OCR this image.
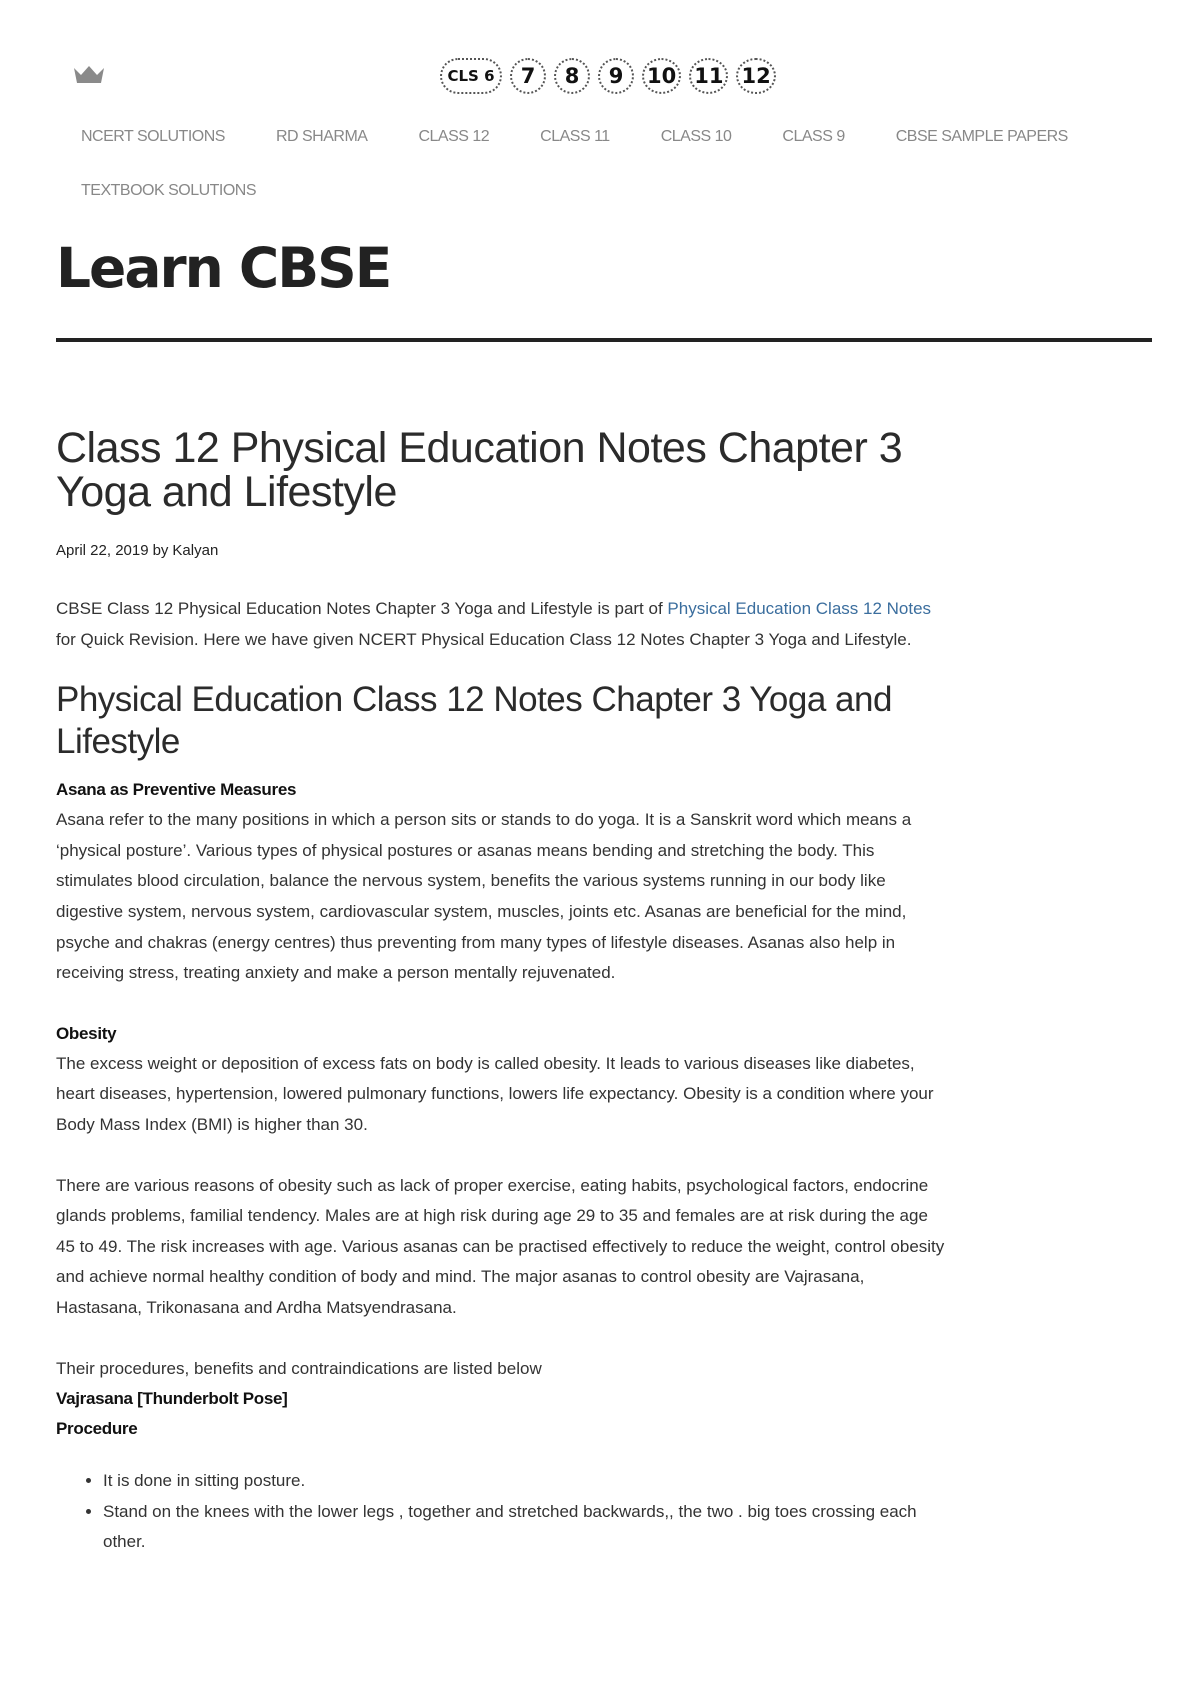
CLS 6	7	8	9	10 11 12
NCERT SOLUTIONS	RD SHARMA	CLASS 12	CLASS 11	CLASS 10	CLASS 9	CBSE SAMPLE PAPERS
TEXTBOOK SOLUTIONS
Learn CBSE
Class 12 Physical Education Notes Chapter 3 Yoga and Lifestyle
April 22, 2019 by Kalyan

CBSE Class 12 Physical Education Notes Chapter 3 Yoga and Lifestyle is part of Physical Education Class 12 Notes for Quick Revision. Here we have given NCERT Physical Education Class 12 Notes Chapter 3 Yoga and Lifestyle.

Physical Education Class 12 Notes Chapter 3 Yoga and Lifestyle
Asana as Preventive Measures

Asana refer to the many positions in which a person sits or stands to do yoga. It is a Sanskrit word which means a ‘physical posture’. Various types of physical postures or asanas means bending and stretching the body. This stimulates blood circulation, balance the nervous system, benefits the various systems running in our body like digestive system, nervous system, cardiovascular system, muscles, joints etc. Asanas are beneficial for the mind, psyche and chakras (energy centres) thus preventing from many types of lifestyle diseases. Asanas also help in receiving stress, treating anxiety and make a person mentally rejuvenated.

Obesity

The excess weight or deposition of excess fats on body is called obesity. It leads to various diseases like diabetes, heart diseases, hypertension, lowered pulmonary functions, lowers life expectancy. Obesity is a condition where your Body Mass Index (BMI) is higher than 30.

There are various reasons of obesity such as lack of proper exercise, eating habits, psychological factors, endocrine glands problems, familial tendency. Males are at high risk during age 29 to 35 and females are at risk during the age 45 to 49. The risk increases with age. Various asanas can be practised effectively to reduce the weight, control obesity and achieve normal healthy condition of body and mind. The major asanas to control obesity are Vajrasana, Hastasana, Trikonasana and Ardha Matsyendrasana.

Their procedures, benefits and contraindications are listed below

Vajrasana [Thunderbolt Pose]
Procedure
• It is done in sitting posture.
• Stand on the knees with the lower legs , together and stretched backwards,, the two . big toes crossing each other.
